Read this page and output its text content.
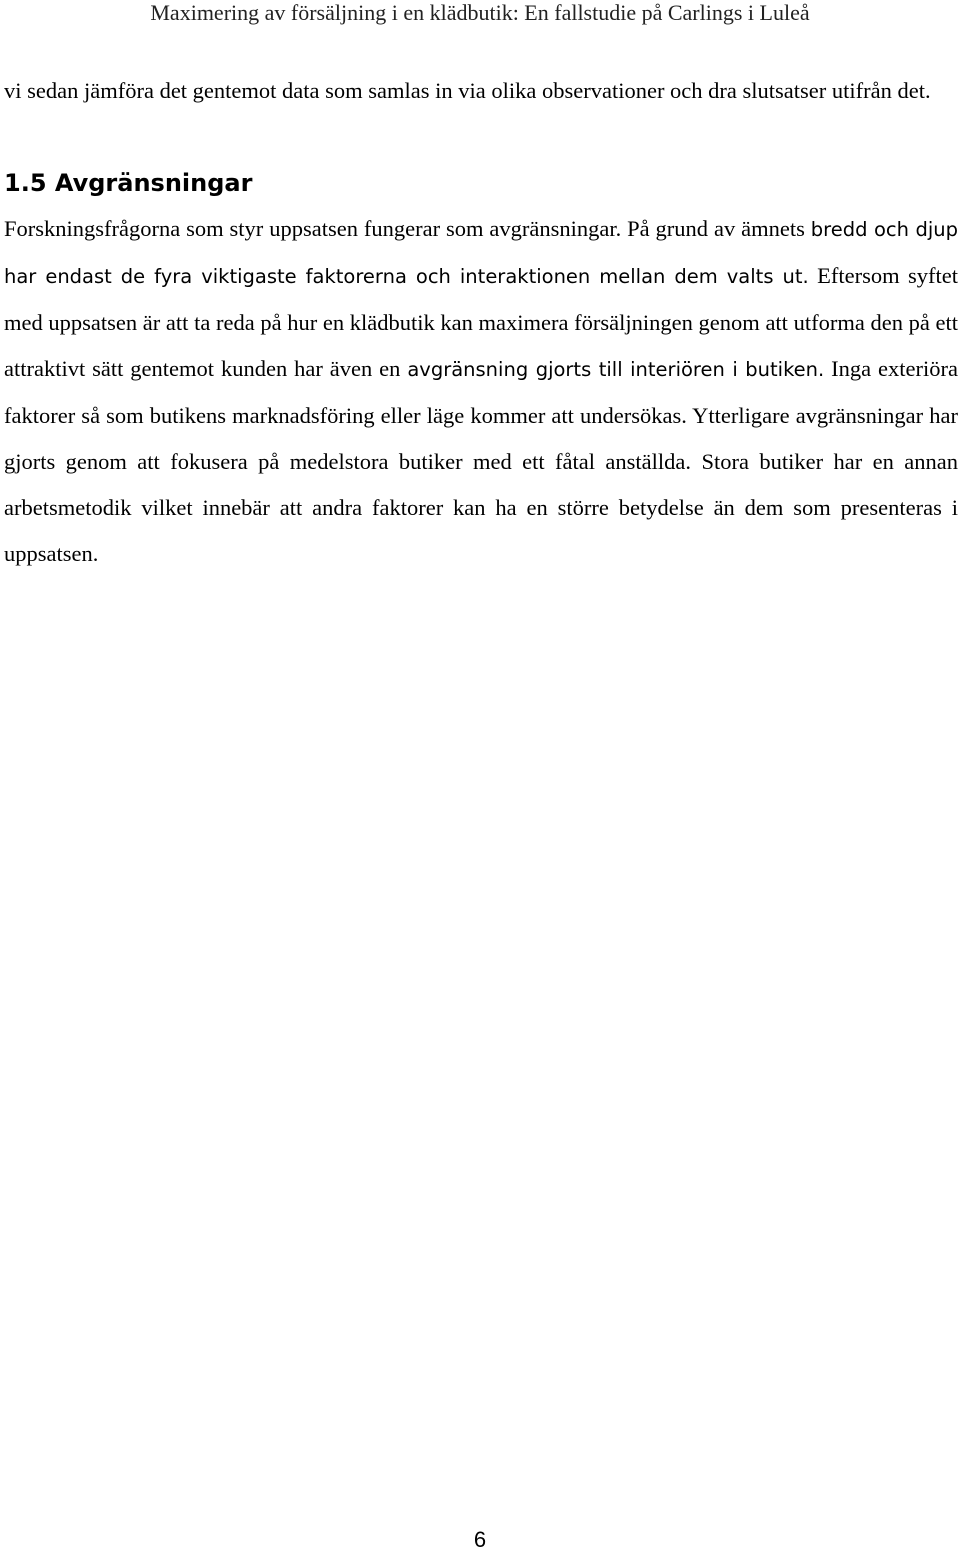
Maximering av försäljning i en klädbutik: En fallstudie på Carlings i Luleå

vi sedan jämföra det gentemot data som samlas in via olika observationer och dra slutsatser utifrån det.

1.5 Avgränsningar

Forskningsfrågorna som styr uppsatsen fungerar som avgränsningar. På grund av ämnets bredd och djup har endast de fyra viktigaste faktorerna och interaktionen mellan dem valts ut. Eftersom syftet med uppsatsen är att ta reda på hur en klädbutik kan maximera försäljningen genom att utforma den på ett attraktivt sätt gentemot kunden har även en avgränsning gjorts till interiören i butiken. Inga exteriöra faktorer så som butikens marknadsföring eller läge kommer att undersökas. Ytterligare avgränsningar har gjorts genom att fokusera på medelstora butiker med ett fåtal anställda. Stora butiker har en annan arbetsmetodik vilket innebär att andra faktorer kan ha en större betydelse än dem som presenteras i uppsatsen.

6
